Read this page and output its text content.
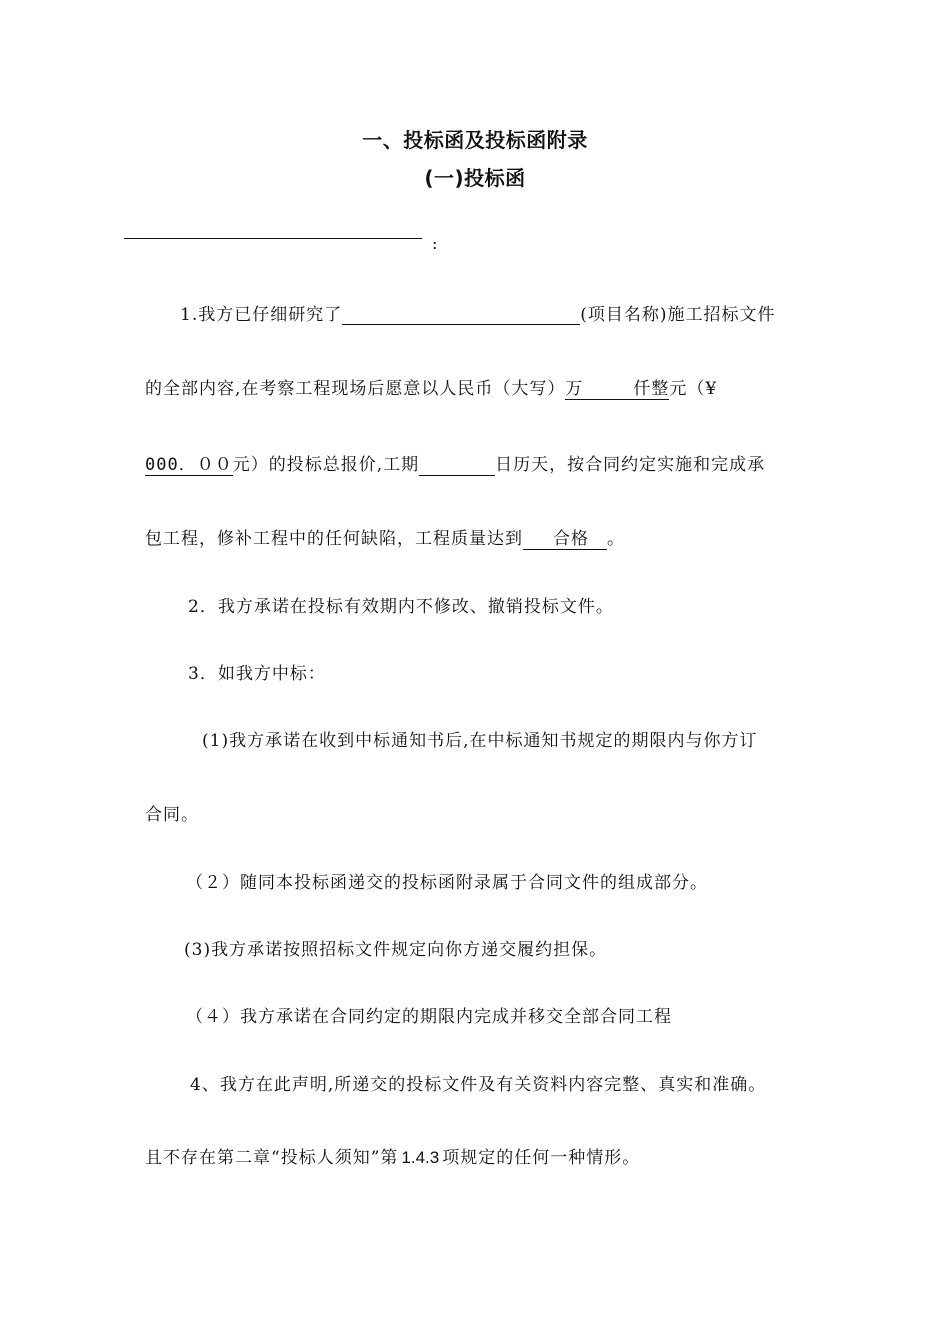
一、投标函及投标函附录
(一)投标函
:
1.我方已仔细研究了	(项目名称)施工招标文件
的全部内容,在考察工程现场后愿意以人民币（大写）万	仟整元（¥
000．００元）的投标总报价,工期	日历天，按合同约定实施和完成承
包工程，修补工程中的任何缺陷，工程质量达到 合格 。
2．我方承诺在投标有效期内不修改、撤销投标文件。
3．如我方中标：
(1)我方承诺在收到中标通知书后,在中标通知书规定的期限内与你方订
合同。
（２）随同本投标函递交的投标函附录属于合同文件的组成部分。
(3)我方承诺按照招标文件规定向你方递交履约担保。
（４）我方承诺在合同约定的期限内完成并移交全部合同工程
4、我方在此声明,所递交的投标文件及有关资料内容完整、真实和准确。
且不存在第二章“投标人须知”第 1.4.3 项规定的任何一种情形。
